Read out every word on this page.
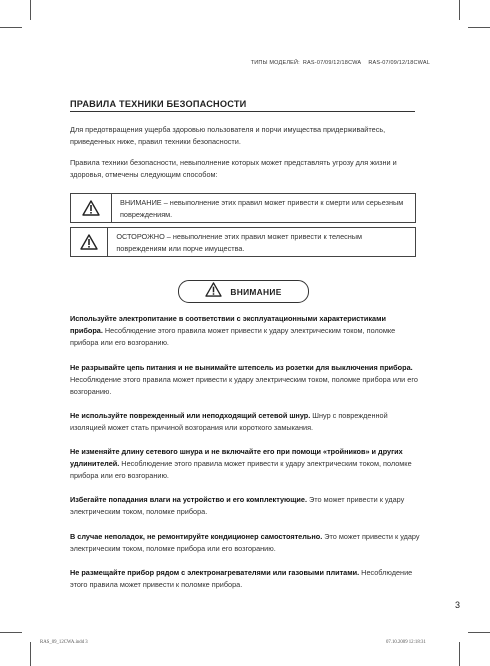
ТИПЫ МОДЕЛЕЙ: RAS-07/09/12/18CWA RAS-07/09/12/18CWAL
ПРАВИЛА ТЕХНИКИ БЕЗОПАСНОСТИ
Для предотвращения ущерба здоровью пользователя и порчи имущества придерживайтесь, приведенных ниже, правил техники безопасности.
Правила техники безопасности, невыполнение которых может представлять угрозу для жизни и здоровья, отмечены следующим способом:
ВНИМАНИЕ – невыполнение этих правил может привести к смерти или серьезным повреждениям.
ОСТОРОЖНО – невыполнение этих правил может привести к телесным повреждениям или порче имущества.
ВНИМАНИЕ
Используйте электропитание в соответствии с эксплуатационными характеристиками прибора. Несоблюдение этого правила может привести к удару электрическим током, поломке прибора или его возгоранию.
Не разрывайте цепь питания и не вынимайте штепсель из розетки для выключения прибора. Несоблюдение этого правила может привести к удару электрическим током, поломке прибора или его возгоранию.
Не используйте поврежденный или неподходящий сетевой шнур. Шнур с поврежденной изоляцией может стать причиной возгорания или короткого замыкания.
Не изменяйте длину сетевого шнура и не включайте его при помощи «тройников» и других удлинителей. Несоблюдение этого правила может привести к удару электрическим током, поломке прибора или его возгоранию.
Избегайте попадания влаги на устройство и его комплектующие. Это может привести к удару электрическим током, поломке прибора.
В случае неполадок, не ремонтируйте кондиционер самостоятельно. Это может привести к удару электрическим током, поломке прибора или его возгоранию.
Не размещайте прибор рядом с электронагревателями или газовыми плитами. Несоблюдение этого правила может привести к поломке прибора.
3
RAS_09_12CWA.indd 3	07.10.2009 12:18:31
